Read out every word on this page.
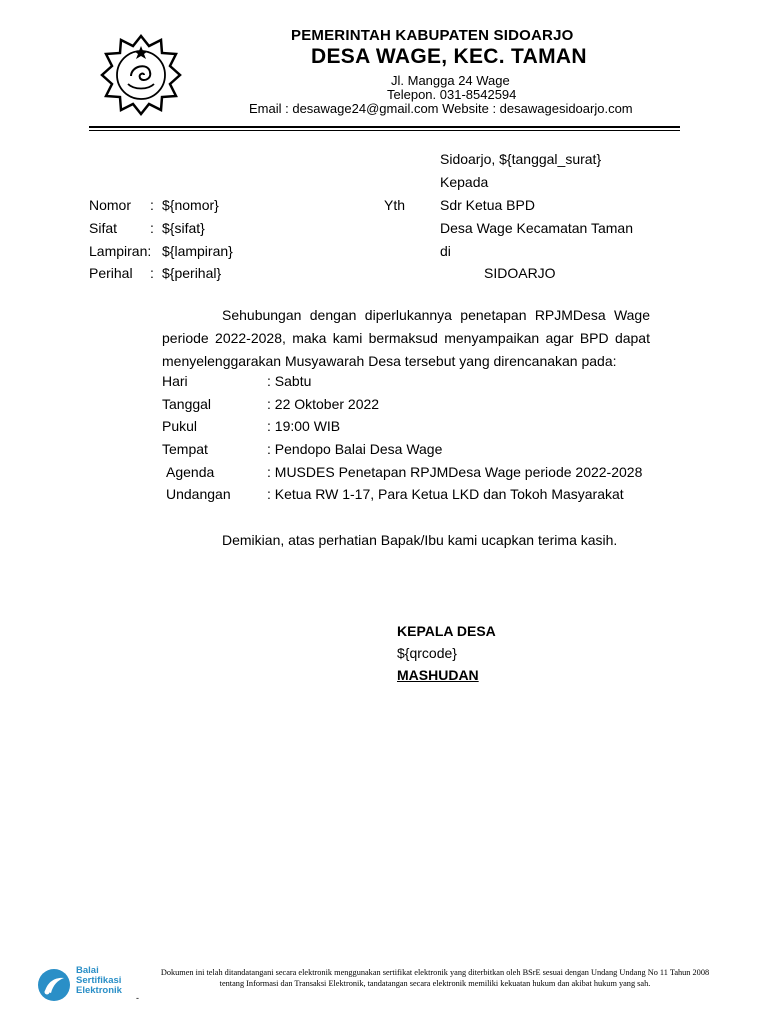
PEMERINTAH KABUPATEN SIDOARJO
DESA WAGE, KEC. TAMAN
Jl. Mangga 24 Wage
Telepon. 031-8542594
Email : desawage24@gmail.com Website : desawagesidoarjo.com
Sidoarjo, ${tanggal_surat}
Kepada
Yth Sdr Ketua BPD
Desa Wage Kecamatan Taman
di
SIDOARJO
Nomor : ${nomor}
Sifat : ${sifat}
Lampiran: ${lampiran}
Perihal : ${perihal}
Sehubungan dengan diperlukannya penetapan RPJMDesa Wage
periode 2022-2028, maka kami bermaksud menyampaikan agar BPD dapat
menyelenggarakan Musyawarah Desa tersebut yang direncanakan pada:
Hari	: Sabtu
Tanggal	: 22 Oktober 2022
Pukul	: 19:00 WIB
Tempat	: Pendopo Balai Desa Wage
Agenda	: MUSDES Penetapan RPJMDesa Wage periode 2022-2028
Undangan	: Ketua RW 1-17, Para Ketua LKD dan Tokoh Masyarakat
Demikian, atas perhatian Bapak/Ibu kami ucapkan terima kasih.
KEPALA DESA
${qrcode}
MASHUDAN
Balai
Sertifikasi
Elektronik
Dokumen ini telah ditandatangani secara elektronik menggunakan sertifikat elektronik yang diterbitkan oleh BSrE sesuai dengan Undang Undang No 11 Tahun 2008 tentang Informasi dan Transaksi Elektronik, tandatangan secara elektronik memiliki kekuatan hukum dan akibat hukum yang sah.
-
